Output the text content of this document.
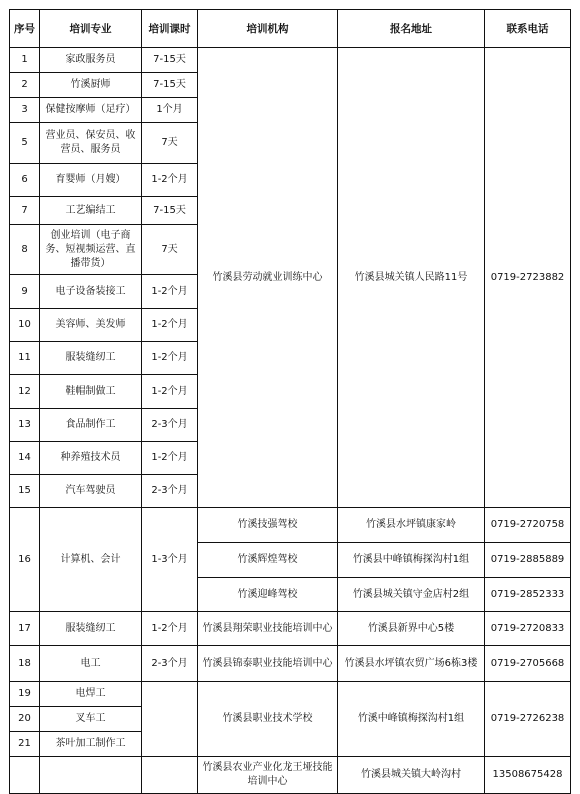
序号	培训专业	培训课时	培训机构	报名地址	联系电话
1	家政服务员	7-15天	竹溪县劳动就业训练中心	竹溪县城关镇人民路11号	0719-2723882
2	竹溪厨师	7-15天			
3	保健按摩师（足疗）	1个月			
5	营业员、保安员、收营员、服务员	7天			
6	育婴师（月嫂）	1-2个月			
7	工艺编结工	7-15天			
8	创业培训（电子商务、短视频运营、直播带货）	7天			
9	电子设备装接工	1-2个月			
10	美容师、美发师	1-2个月			
11	服装缝纫工	1-2个月			
12	鞋帽制做工	1-2个月			
13	食品制作工	2-3个月			
14	种养殖技术员	1-2个月			
15	汽车驾驶员	2-3个月			
16	计算机、会计	1-3个月	竹溪技强驾校	竹溪县水坪镇康家岭	0719-2720758
			竹溪辉煌驾校	竹溪县中峰镇梅探沟村1组	0719-2885889
			竹溪迎峰驾校	竹溪县城关镇守金店村2组	0719-2852333
17	服装缝纫工	1-2个月	竹溪县翔荣职业技能培训中心	竹溪县新界中心5楼	0719-2720833
18	电工	2-3个月	竹溪县锦泰职业技能培训中心	竹溪县水坪镇农贸广场6栋3楼	0719-2705668
19	电焊工		竹溪县职业技术学校	竹溪中峰镇梅探沟村1组	0719-2726238
20	叉车工				
21	茶叶加工制作工				
			竹溪县农业产业化龙王垭技能培训中心	竹溪县城关镇大岭沟村	13508675428
